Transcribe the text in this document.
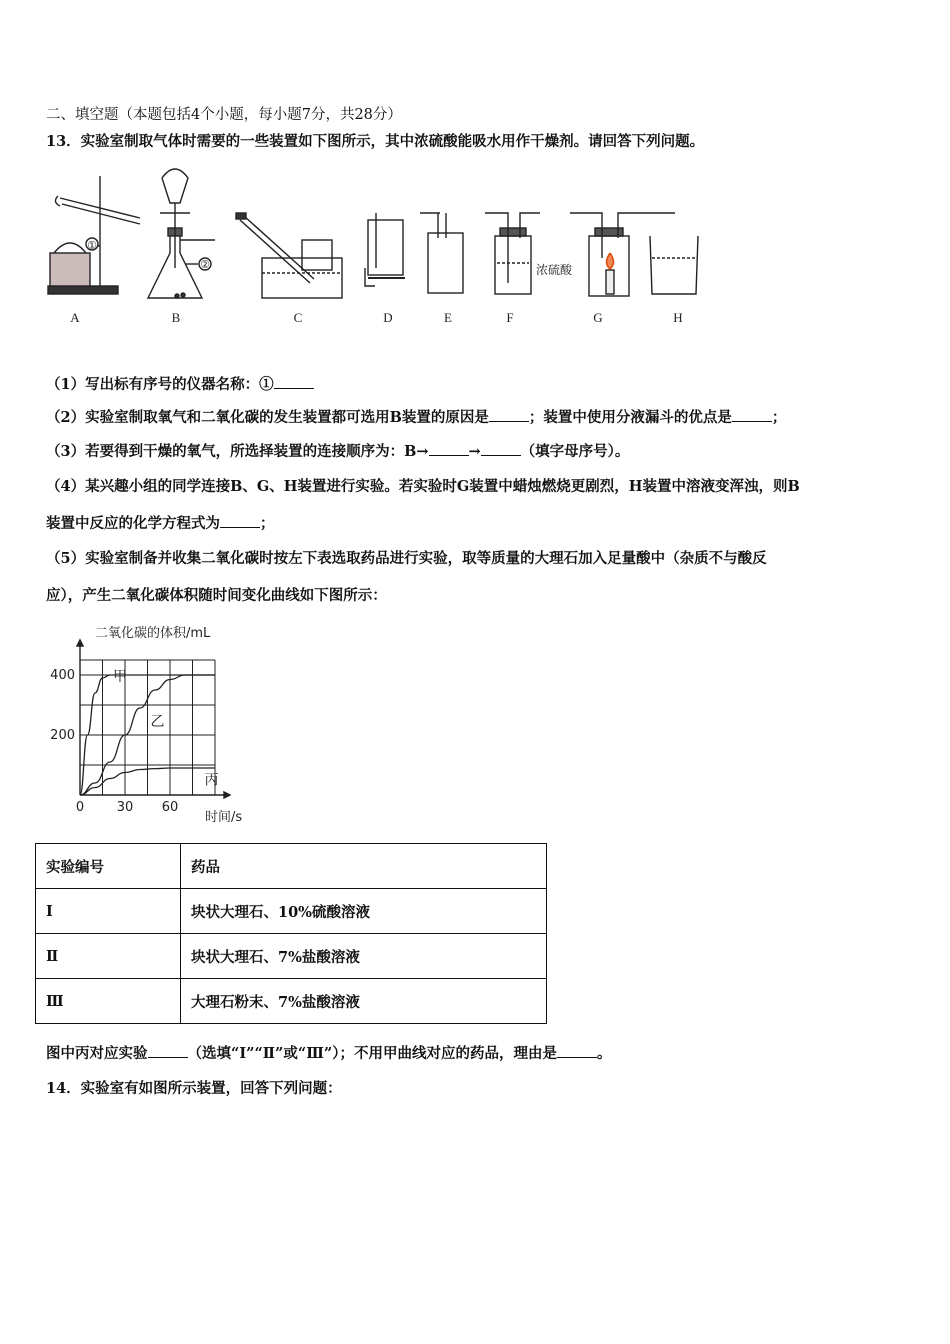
二、填空题（本题包括4个小题，每小题7分，共28分）
13．实验室制取气体时需要的一些装置如下图所示，其中浓硫酸能吸水用作干燥剂。请回答下列问题。
A	B	C	D	E	F	G	H
①
②	浓硫酸
（1）写出标有序号的仪器名称：①
（2）实验室制取氧气和二氧化碳的发生装置都可选用B装置的原因是	；装置中使用分液漏斗的优点是	；
（3）若要得到干燥的氧气，所选择装置的连接顺序为：B→	→	（填字母序号）。
（4）某兴趣小组的同学连接B、G、H装置进行实验。若实验时G装置中蜡烛燃烧更剧烈，H装置中溶液变浑浊，则B
装置中反应的化学方程式为	；
（5）实验室制备并收集二氧化碳时按左下表选取药品进行实验，取等质量的大理石加入足量酸中（杂质不与酸反
应），产生二氧化碳体积随时间变化曲线如下图所示：
二氧化碳的体积/mL
时间/s
0	30 60
200
400	甲
乙
丙
实验编号	药品
Ⅰ	块状大理石、10%硫酸溶液
Ⅱ	块状大理石、7%盐酸溶液
Ⅲ	大理石粉末、7%盐酸溶液
图中丙对应实验	（选填“Ⅰ”“Ⅱ”或“Ⅲ”）；不用甲曲线对应的药品，理由是	。
14．实验室有如图所示装置，回答下列问题：
